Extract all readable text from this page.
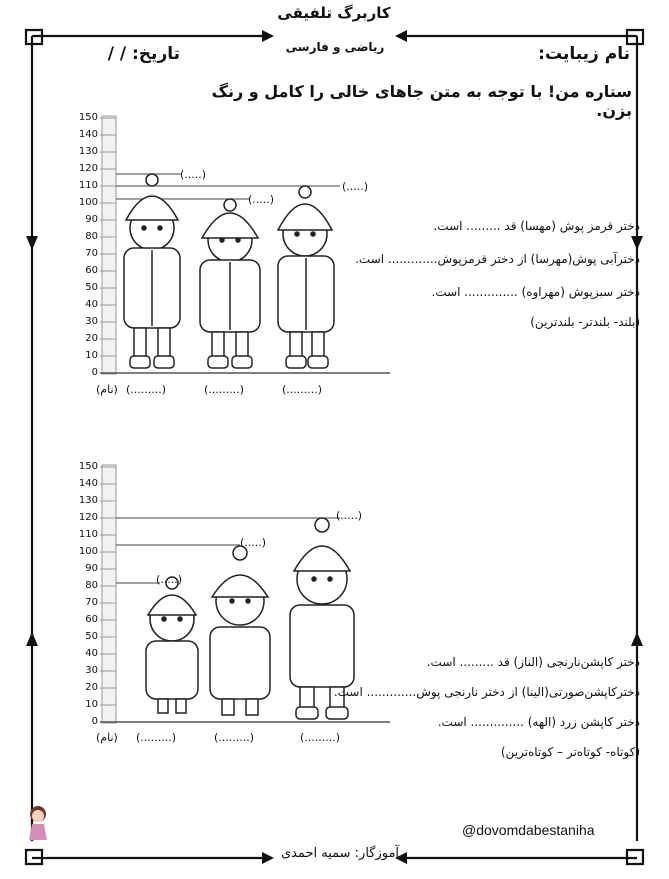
کاربرگ تلفیقی
ریاضی و فارسی	نام زیبایت:
تاریخ: / /
ستاره من! با توجه به متن جاهای خالی را کامل و رنگ بزن.
150
140
130
120
110
100
90
80
70
60
50
40
30
20
10
0
(.....)
(.....)
(.....)
(نام) (.........)	(.........)	(.........)
دختر قرمز پوش (مهسا) قد ......... است.
دخترآبی پوش(مهرسا) از دختر قرمزپوش............. است.
دختر سبزپوش (مهراوه) .............. است.
(بلند- بلندتر- بلندترین)
150
140
130
120
110
100
90
80
70
60
50
40
30
20
10
0
(.....)
(.....)
(.....)
(نام) (.........)	(.........)	(.........)
دختر کاپشن‌نارنجی (الناز) قد ......... است.
دخترکاپشن‌صورتی(الینا) از دختر نارنجی پوش............. است.
دختر کاپشن زرد (الهه) .............. است.
(کوتاه- کوتاه‌تر – کوتاه‌ترین)
@dovomdabestaniha
آموزگار: سمیه احمدی
